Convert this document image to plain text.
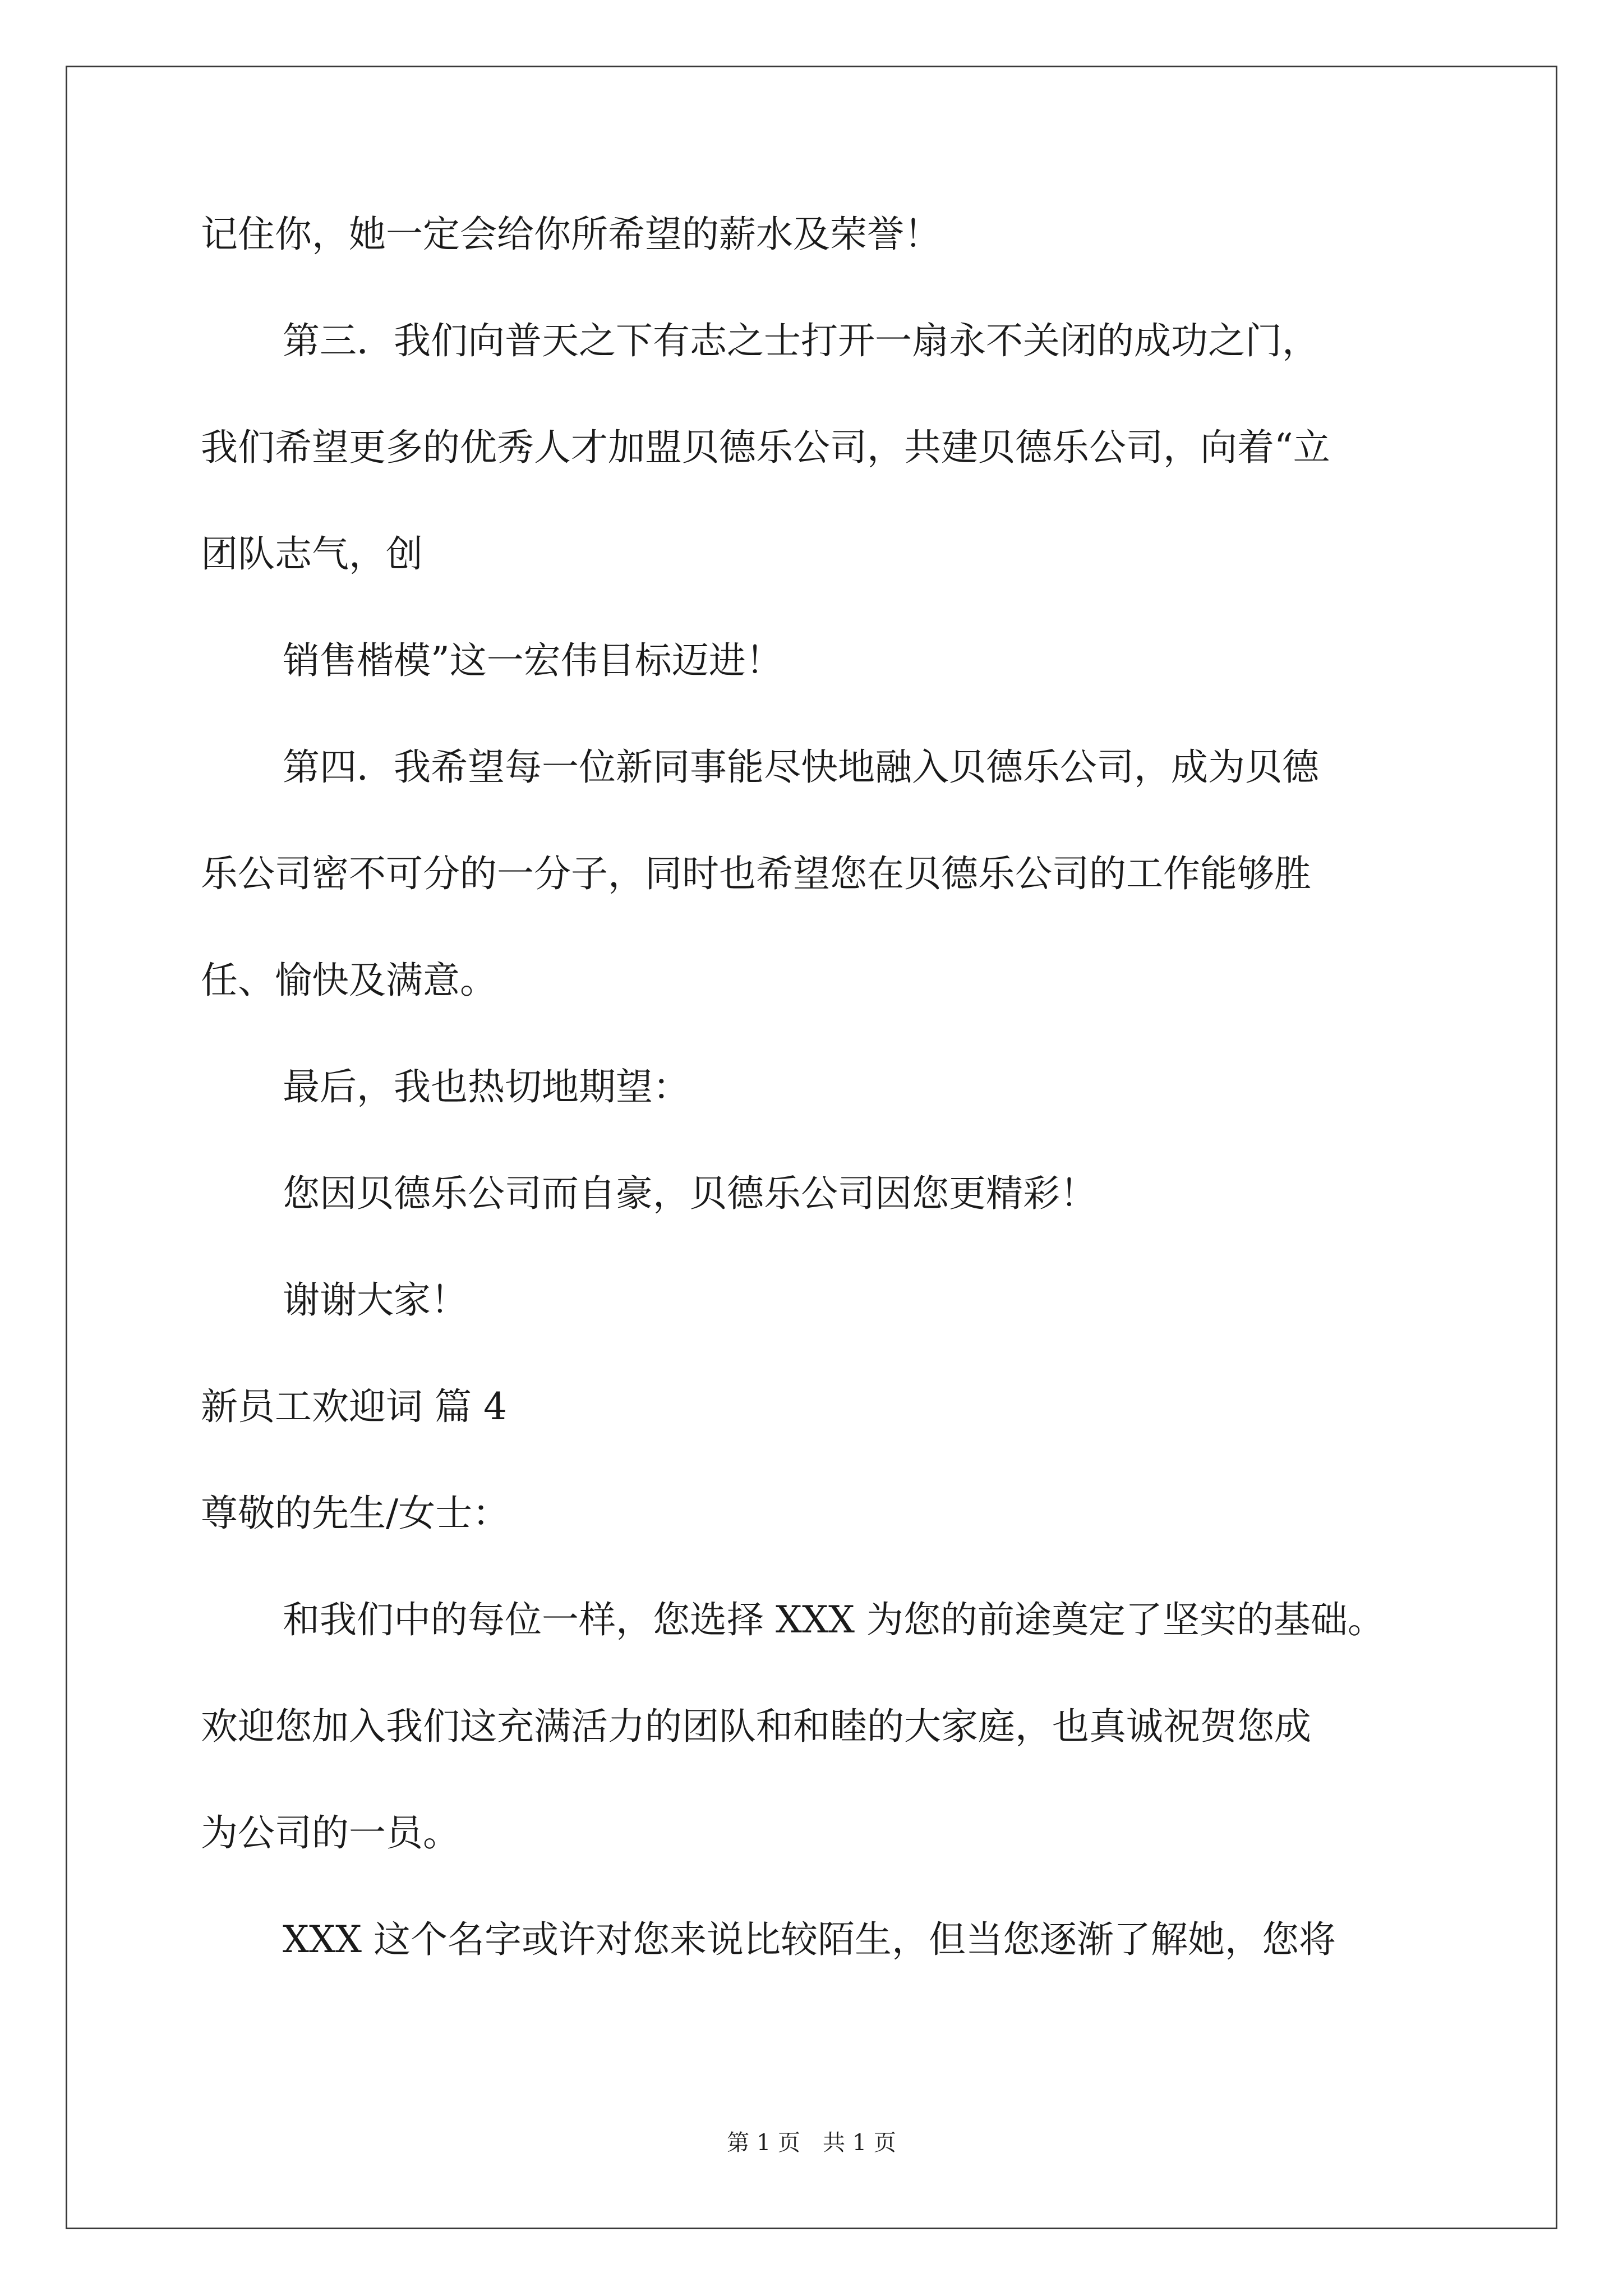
记住你，她一定会给你所希望的薪水及荣誉！
第三．我们向普天之下有志之士打开一扇永不关闭的成功之门，
我们希望更多的优秀人才加盟贝德乐公司，共建贝德乐公司，向着“立
团队志气，创
销售楷模”这一宏伟目标迈进！
第四．我希望每一位新同事能尽快地融入贝德乐公司，成为贝德
乐公司密不可分的一分子，同时也希望您在贝德乐公司的工作能够胜
任、愉快及满意。
最后，我也热切地期望：
您因贝德乐公司而自豪，贝德乐公司因您更精彩！
谢谢大家！
新员工欢迎词 篇 4
尊敬的先生/女士：
和我们中的每位一样，您选择 XXX 为您的前途奠定了坚实的基础。
欢迎您加入我们这充满活力的团队和和睦的大家庭，也真诚祝贺您成
为公司的一员。
XXX 这个名字或许对您来说比较陌生，但当您逐渐了解她，您将
第 1 页　共 1 页
